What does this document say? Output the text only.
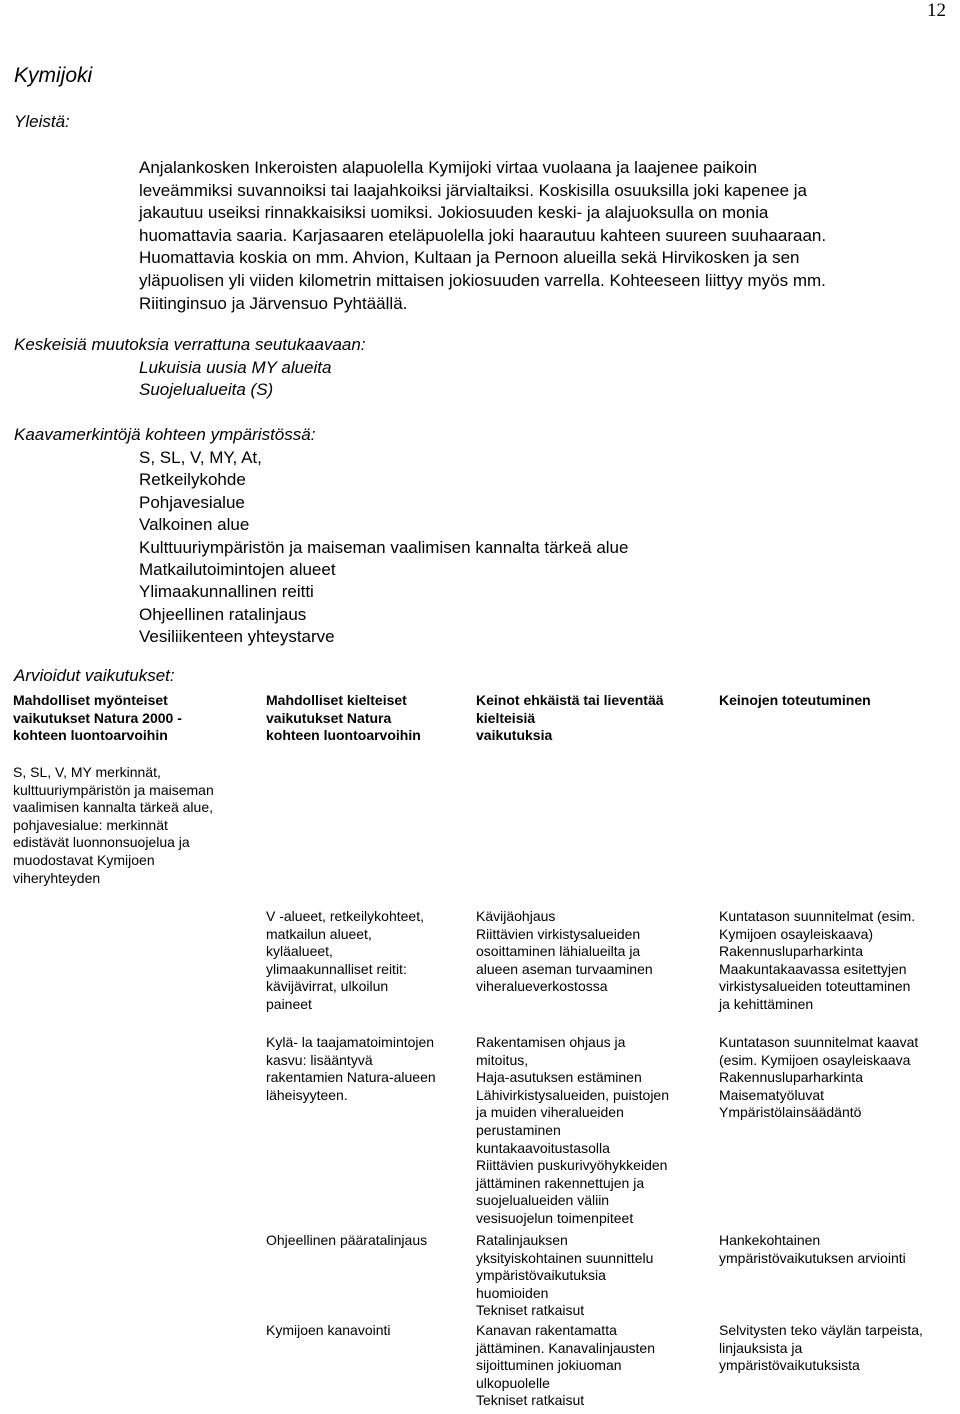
12
Kymijoki
Yleistä:

Anjalankosken Inkeroisten alapuolella Kymijoki virtaa vuolaana ja laajenee paikoin

leveämmiksi suvannoiksi tai laajahkoiksi järvialtaiksi. Koskisilla osuuksilla joki kapenee ja

jakautuu useiksi rinnakkaisiksi uomiksi. Jokiosuuden keski- ja alajuoksulla on monia

huomattavia saaria. Karjasaaren eteläpuolella joki haarautuu kahteen suureen suuhaaraan.

Huomattavia koskia on mm. Ahvion, Kultaan ja Pernoon alueilla sekä Hirvikosken ja sen

yläpuolisen yli viiden kilometrin mittaisen jokiosuuden varrella. Kohteeseen liittyy myös mm.

Riitinginsuo ja Järvensuo Pyhtäällä.

Keskeisiä muutoksia verrattuna seutukaavaan:
Lukuisia uusia MY alueita
Suojelualueita (S)
Kaavamerkintöjä kohteen ympäristössä:
S, SL, V, MY, At,
Retkeilykohde
Pohjavesialue
Valkoinen alue
Kulttuuriympäristön ja maiseman vaalimisen kannalta tärkeä alue
Matkailutoimintojen alueet
Ylimaakunnallinen reitti
Ohjeellinen ratalinjaus
Vesiliikenteen yhteystarve
Arvioidut vaikutukset:
Mahdolliset myönteiset
vaikutukset Natura 2000 -
kohteen luontoarvoihin
S, SL, V, MY merkinnät,
kulttuuriympäristön ja maiseman
vaalimisen kannalta tärkeä alue,
pohjavesialue: merkinnät
edistävät luonnonsuojelua ja
muodostavat Kymijoen
viheryhteyden
Mahdolliset kielteiset
vaikutukset Natura
kohteen luontoarvoihin
V -alueet, retkeilykohteet,
matkailun alueet,
kyläalueet,
ylimaakunnalliset reitit:
kävijävirrat, ulkoilun
paineet
Kylä- la taajamatoimintojen
kasvu: lisääntyvä
rakentamien Natura-alueen
läheisyyteen.
Ohjeellinen pääratalinjaus
Kymijoen kanavointi
Keinot ehkäistä tai lieventää
kielteisiä
vaikutuksia
Kävijäohjaus
Riittävien virkistysalueiden
osoittaminen lähialueilta ja
alueen aseman turvaaminen
viheralueverkostossa
Rakentamisen ohjaus ja
mitoitus,
Haja-asutuksen estäminen
Lähivirkistysalueiden, puistojen
ja muiden viheralueiden
perustaminen
kuntakaavoitustasolla
Riittävien puskurivyöhykkeiden
jättäminen rakennettujen ja
suojelualueiden väliin
vesisuojelun toimenpiteet
Ratalinjauksen
yksityiskohtainen suunnittelu
ympäristövaikutuksia
huomioiden
Tekniset ratkaisut
Kanavan rakentamatta
jättäminen. Kanavalinjausten
sijoittuminen jokiuoman
ulkopuolelle
Tekniset ratkaisut
Keinojen toteutuminen
Kuntatason suunnitelmat (esim.
Kymijoen osayleiskaava)
Rakennusluparharkinta
Maakuntakaavassa esitettyjen
virkistysalueiden toteuttaminen
ja kehittäminen
Kuntatason suunnitelmat kaavat
(esim. Kymijoen osayleiskaava
Rakennusluparharkinta
Maisematyöluvat
Ympäristölainsäädäntö
Hankekohtainen
ympäristövaikutuksen arviointi
Selvitysten teko väylän tarpeista,
linjauksista ja
ympäristövaikutuksista
